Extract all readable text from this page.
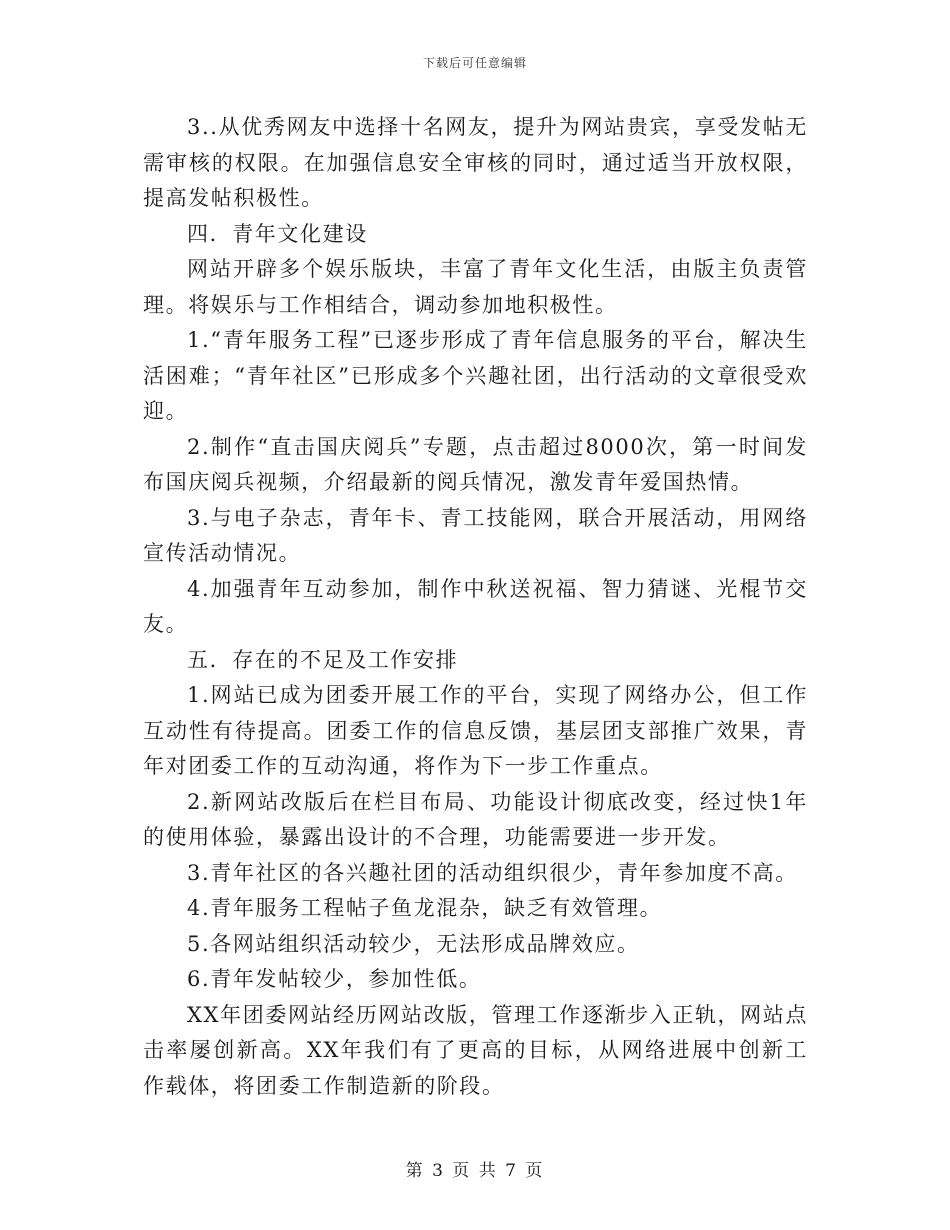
下载后可任意编辑

3..从优秀网友中选择十名网友，提升为网站贵宾，享受发帖无需审核的权限。在加强信息安全审核的同时，通过适当开放权限，提高发帖积极性。

四．青年文化建设

网站开辟多个娱乐版块，丰富了青年文化生活，由版主负责管理。将娱乐与工作相结合，调动参加地积极性。

1.“青年服务工程”已逐步形成了青年信息服务的平台，解决生活困难；“青年社区”已形成多个兴趣社团，出行活动的文章很受欢迎。

2.制作“直击国庆阅兵”专题，点击超过8000次，第一时间发布国庆阅兵视频，介绍最新的阅兵情况，激发青年爱国热情。

3.与电子杂志，青年卡、青工技能网，联合开展活动，用网络宣传活动情况。

4.加强青年互动参加，制作中秋送祝福、智力猜谜、光棍节交友。

五．存在的不足及工作安排

1.网站已成为团委开展工作的平台，实现了网络办公，但工作互动性有待提高。团委工作的信息反馈，基层团支部推广效果，青年对团委工作的互动沟通，将作为下一步工作重点。

2.新网站改版后在栏目布局、功能设计彻底改变，经过快1年的使用体验，暴露出设计的不合理，功能需要进一步开发。

3.青年社区的各兴趣社团的活动组织很少，青年参加度不高。

4.青年服务工程帖子鱼龙混杂，缺乏有效管理。

5.各网站组织活动较少，无法形成品牌效应。

6.青年发帖较少，参加性低。

XX年团委网站经历网站改版，管理工作逐渐步入正轨，网站点击率屡创新高。XX年我们有了更高的目标，从网络进展中创新工作载体，将团委工作制造新的阶段。

第 3 页 共 7 页
